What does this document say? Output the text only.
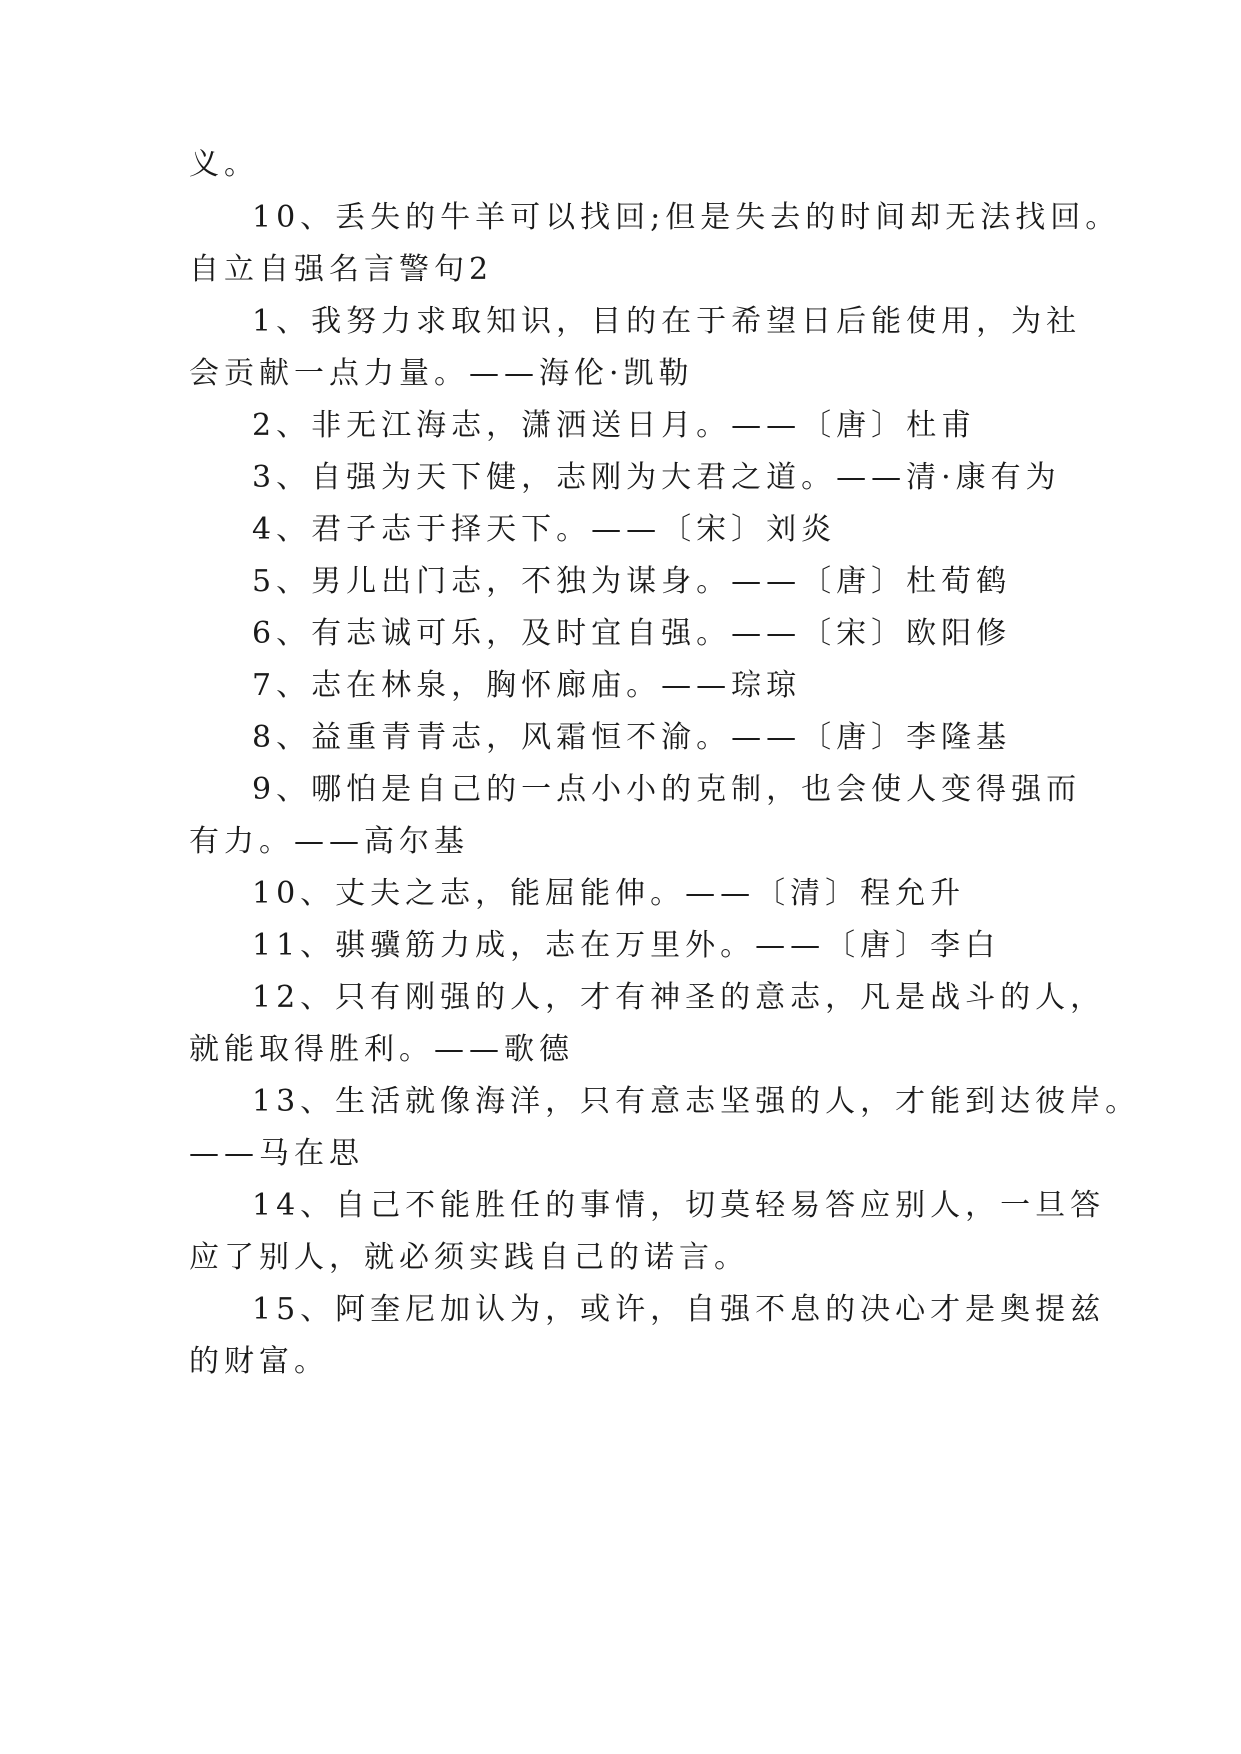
义。
10、丢失的牛羊可以找回;但是失去的时间却无法找回。
自立自强名言警句2
1、我努力求取知识，目的在于希望日后能使用，为社
会贡献一点力量。——海伦·凯勒
2、非无江海志，潇洒送日月。——〔唐〕杜甫
3、自强为天下健，志刚为大君之道。——清·康有为
4、君子志于择天下。——〔宋〕刘炎
5、男儿出门志，不独为谋身。——〔唐〕杜荀鹤
6、有志诚可乐，及时宜自强。——〔宋〕欧阳修
7、志在林泉，胸怀廊庙。——琮琼
8、益重青青志，风霜恒不渝。——〔唐〕李隆基
9、哪怕是自己的一点小小的克制，也会使人变得强而
有力。——高尔基
10、丈夫之志，能屈能伸。——〔清〕程允升
11、骐骥筋力成，志在万里外。——〔唐〕李白
12、只有刚强的人，才有神圣的意志，凡是战斗的人，
就能取得胜利。——歌德
13、生活就像海洋，只有意志坚强的人，才能到达彼岸。
——马在思
14、自己不能胜任的事情，切莫轻易答应别人，一旦答
应了别人，就必须实践自己的诺言。
15、阿奎尼加认为，或许，自强不息的决心才是奥提兹
的财富。
